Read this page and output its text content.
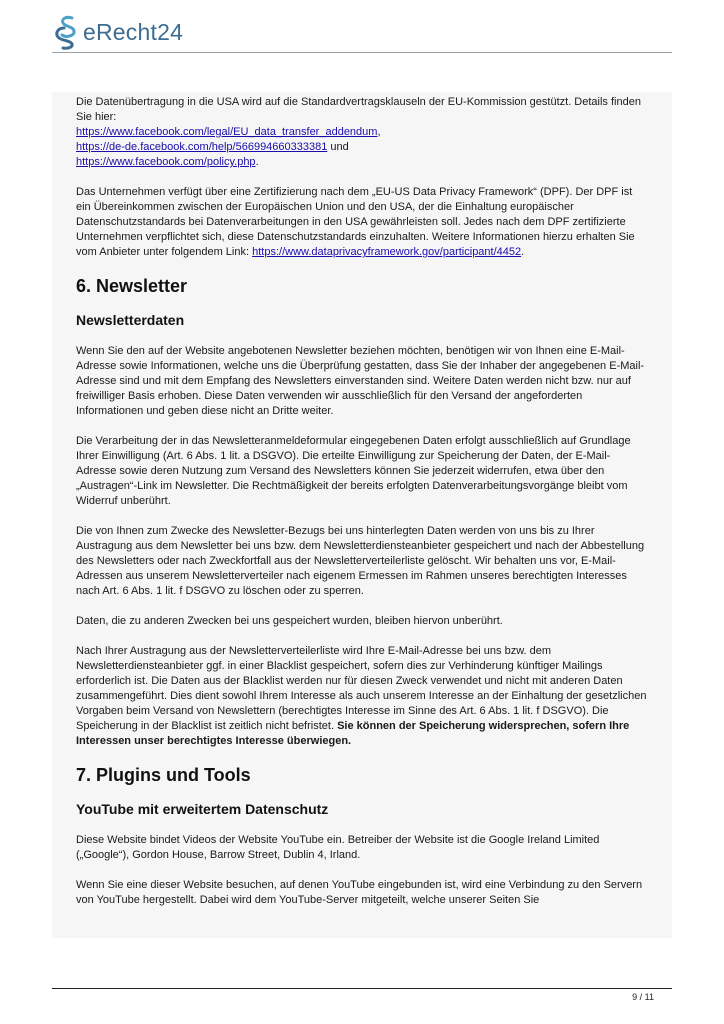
eRecht24

Die Datenübertragung in die USA wird auf die Standardvertragsklauseln der EU-Kommission gestützt. Details finden Sie hier:
https://www.facebook.com/legal/EU_data_transfer_addendum,
https://de-de.facebook.com/help/566994660333381 und
https://www.facebook.com/policy.php.

Das Unternehmen verfügt über eine Zertifizierung nach dem „EU-US Data Privacy Framework“ (DPF). Der DPF ist ein Übereinkommen zwischen der Europäischen Union und den USA, der die Einhaltung europäischer Datenschutzstandards bei Datenverarbeitungen in den USA gewährleisten soll. Jedes nach dem DPF zertifizierte Unternehmen verpflichtet sich, diese Datenschutzstandards einzuhalten. Weitere Informationen hierzu erhalten Sie vom Anbieter unter folgendem Link: https://www.dataprivacyframework.gov/participant/4452.

6. Newsletter
Newsletterdaten

Wenn Sie den auf der Website angebotenen Newsletter beziehen möchten, benötigen wir von Ihnen eine E-Mail-Adresse sowie Informationen, welche uns die Überprüfung gestatten, dass Sie der Inhaber der angegebenen E-Mail-Adresse sind und mit dem Empfang des Newsletters einverstanden sind. Weitere Daten werden nicht bzw. nur auf freiwilliger Basis erhoben. Diese Daten verwenden wir ausschließlich für den Versand der angeforderten Informationen und geben diese nicht an Dritte weiter.

Die Verarbeitung der in das Newsletteranmeldeformular eingegebenen Daten erfolgt ausschließlich auf Grundlage Ihrer Einwilligung (Art. 6 Abs. 1 lit. a DSGVO). Die erteilte Einwilligung zur Speicherung der Daten, der E-Mail-Adresse sowie deren Nutzung zum Versand des Newsletters können Sie jederzeit widerrufen, etwa über den „Austragen“-Link im Newsletter. Die Rechtmäßigkeit der bereits erfolgten Datenverarbeitungsvorgänge bleibt vom Widerruf unberührt.

Die von Ihnen zum Zwecke des Newsletter-Bezugs bei uns hinterlegten Daten werden von uns bis zu Ihrer Austragung aus dem Newsletter bei uns bzw. dem Newsletterdiensteanbieter gespeichert und nach der Abbestellung des Newsletters oder nach Zweckfortfall aus der Newsletterverteilerliste gelöscht. Wir behalten uns vor, E-Mail-Adressen aus unserem Newsletterverteiler nach eigenem Ermessen im Rahmen unseres berechtigten Interesses nach Art. 6 Abs. 1 lit. f DSGVO zu löschen oder zu sperren.

Daten, die zu anderen Zwecken bei uns gespeichert wurden, bleiben hiervon unberührt.

Nach Ihrer Austragung aus der Newsletterverteilerliste wird Ihre E-Mail-Adresse bei uns bzw. dem Newsletterdiensteanbieter ggf. in einer Blacklist gespeichert, sofern dies zur Verhinderung künftiger Mailings erforderlich ist. Die Daten aus der Blacklist werden nur für diesen Zweck verwendet und nicht mit anderen Daten zusammengeführt. Dies dient sowohl Ihrem Interesse als auch unserem Interesse an der Einhaltung der gesetzlichen Vorgaben beim Versand von Newslettern (berechtigtes Interesse im Sinne des Art. 6 Abs. 1 lit. f DSGVO). Die Speicherung in der Blacklist ist zeitlich nicht befristet. Sie können der Speicherung widersprechen, sofern Ihre Interessen unser berechtigtes Interesse überwiegen.

7. Plugins und Tools
YouTube mit erweitertem Datenschutz

Diese Website bindet Videos der Website YouTube ein. Betreiber der Website ist die Google Ireland Limited („Google“), Gordon House, Barrow Street, Dublin 4, Irland.

Wenn Sie eine dieser Website besuchen, auf denen YouTube eingebunden ist, wird eine Verbindung zu den Servern von YouTube hergestellt. Dabei wird dem YouTube-Server mitgeteilt, welche unserer Seiten Sie

9 / 11
